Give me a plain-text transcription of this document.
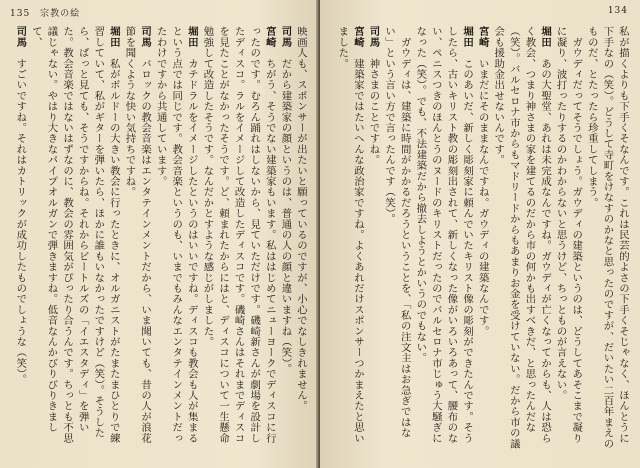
135 宗教の絵

映画人も、スポンサーが出たいと願っているのですが、小心でなしきれません。

司馬　だから建築家の顔というのは、普通の人の顔と違いますね（笑）。

宮崎　ちがう、そうでない建築家もいます。私ははじめてニューヨークでディスコに行ったのです。むろん踊れはしないから、見ていただけです。磯崎新さんが劇場を設計したディスコ。ラルをイメージして改造したディスコです。磯崎さんはそれまでディスコを見たことがなかったそうです。ど、頼まれたからにはと、ディスコについて一生懸命勉強して改造したそうです。なんだかとすような感じがしました。

堀田　カテドラルをイメージしたというのはいいですね。ディスコも教会も人が集まるという点では同じです。教会音楽というのも、いまでもみんなエンタテインメントだったわけですから共通しています。

司馬　バロックの教会音楽はエンタテインメントだから、いま聞いても、昔の人が浪花節を聞くような快い気持ちですね。

堀田　私がボルドーの大きい教会に行ったときに、オルガニストがたまたまひとりで練習していて、私がギターを弾いたら、ほかに誰もいなかったですけど（笑）。そうしたら、ぱっと見ても、そうですからね。それからビートルズの「イエスタディ」を弾いた。教会音楽ではないはずなのに、教会の雰囲気がぴったり合うんです。ちっとも不思議じゃない。やはり大きなパイプオルガンで弾きますね。低音なんかびりびりきまして、

司馬　すごいですね。それはカトリックが成功したものでしょうな（笑）。

134

私が描くよりも下手くそなんです。これは民芸的よさの下手くそじゃなく、ほんとうに下手なの（笑）。どうして寺町をけなすのかなと思ったのですが、だいたい二百年まえのものだ、とたったら珍重してしまう。

　ガウディだってそうでしょう。ガウディの建築というのは、どうしてあそこまで凝りに凝り、波打ったりするのかわからないと思うけど、ちっとものが言えない。

堀田　あの大聖堂、あれは未完成なんですね。ガウディが亡くなってからも、人は恐らく教会、つまり神さまの家を建てるのだから市の何かも出すべきだ、と思ったんだな（笑）。バルセロナ市からもマドリードからもあまりお金を受けていない。だから市の議会も援助金出せないんです。

宮崎　いまだにそのままなんですね。ガウディの建築なんです。

堀田　このあいだ、新しく彫刻家に頼んでいたキリスト像の彫刻ができたんです。そうしたら、古いキリスト教の彫刻出されて、新しくなった像がいろいろあって、腰布のない、ペニスつきのほんとうのヌードのキリストだったのでバルセロナ市じゅう大騒ぎになった（笑）。でも、不法建築だから撤去しようとかいうのでもない。

　ガウディは、建築に時間がかかるだろうということを、「私の注文主はお急ぎではない」という言い方で言ったんです（笑）。

司馬　神さまのことですね。

宮崎　建築家ではたいへんな政治家ですね。よくあれだけスポンサーつかまえたと思いました。
